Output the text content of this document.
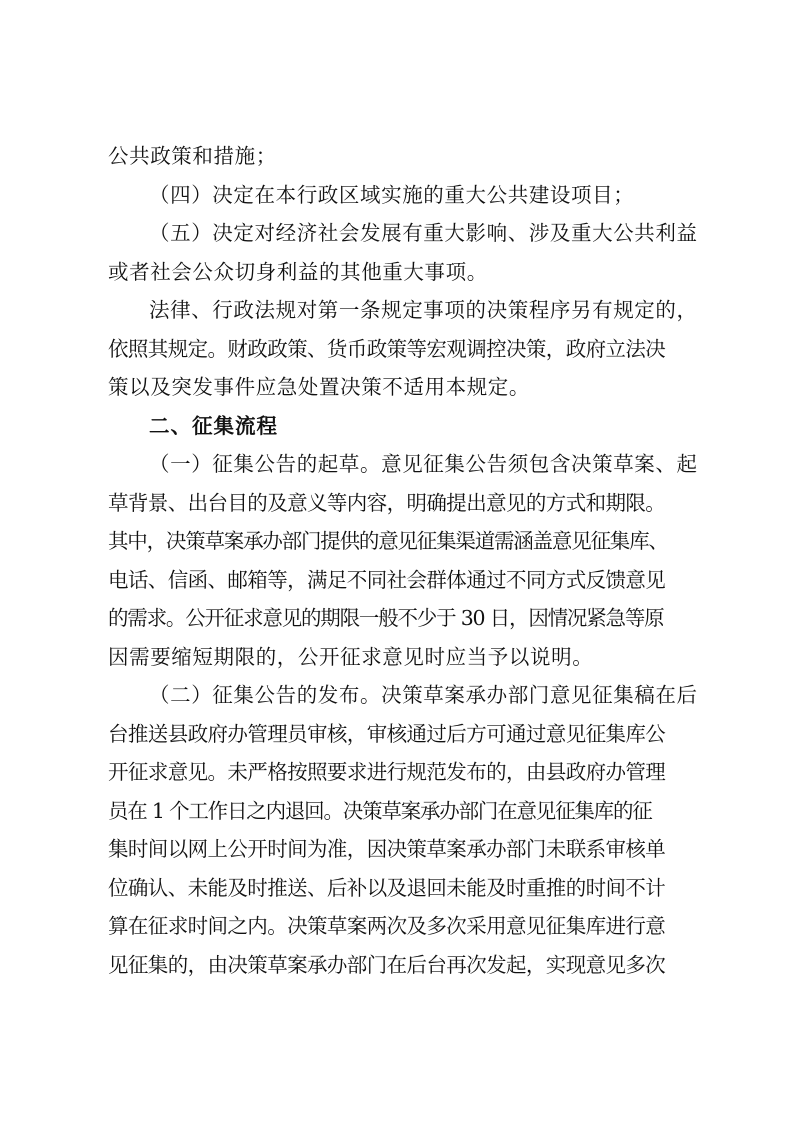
公共政策和措施；
（四）决定在本行政区域实施的重大公共建设项目；
（五）决定对经济社会发展有重大影响、涉及重大公共利益
或者社会公众切身利益的其他重大事项。
法律、行政法规对第一条规定事项的决策程序另有规定的，
依照其规定。财政政策、货币政策等宏观调控决策，政府立法决
策以及突发事件应急处置决策不适用本规定。
二、征集流程
（一）征集公告的起草。意见征集公告须包含决策草案、起
草背景、出台目的及意义等内容，明确提出意见的方式和期限。
其中，决策草案承办部门提供的意见征集渠道需涵盖意见征集库、
电话、信函、邮箱等，满足不同社会群体通过不同方式反馈意见
的需求。公开征求意见的期限一般不少于 30 日，因情况紧急等原
因需要缩短期限的，公开征求意见时应当予以说明。
（二）征集公告的发布。决策草案承办部门意见征集稿在后
台推送县政府办管理员审核，审核通过后方可通过意见征集库公
开征求意见。未严格按照要求进行规范发布的，由县政府办管理
员在 1 个工作日之内退回。决策草案承办部门在意见征集库的征
集时间以网上公开时间为准，因决策草案承办部门未联系审核单
位确认、未能及时推送、后补以及退回未能及时重推的时间不计
算在征求时间之内。决策草案两次及多次采用意见征集库进行意
见征集的，由决策草案承办部门在后台再次发起，实现意见多次
